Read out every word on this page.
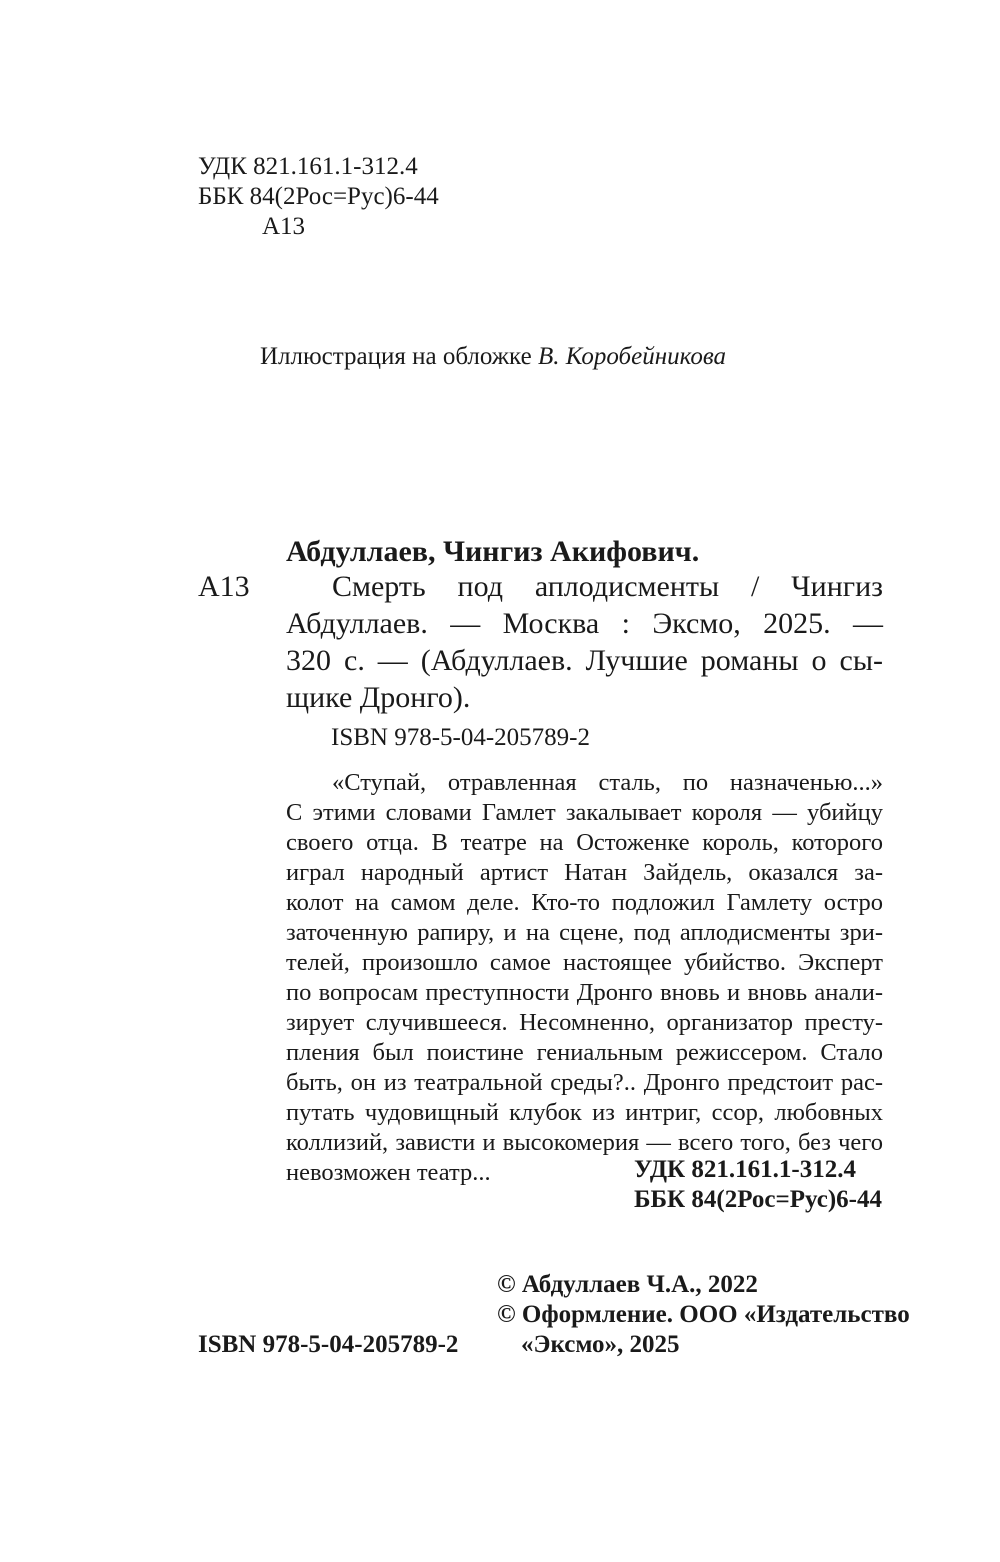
УДК 821.161.1-312.4
ББК 84(2Рос=Рус)6-44
А13
Иллюстрация на обложке В. Коробейникова
Абдуллаев, Чингиз Акифович.
А13	Смерть под аплодисменты / Чингиз
Абдуллаев. — Москва : Эксмо, 2025. —
320 с. — (Абдуллаев. Лучшие романы о сы-
щике Дронго).
ISBN 978-5-04-205789-2
«Ступай, отравленная сталь, по назначенью...»
С этими словами Гамлет закалывает короля — убийцу
своего отца. В театре на Остоженке король, которого
играл народный артист Натан Зайдель, оказался за-
колот на самом деле. Кто-то подложил Гамлету остро
заточенную рапиру, и на сцене, под аплодисменты зри-
телей, произошло самое настоящее убийство. Эксперт
по вопросам преступности Дронго вновь и вновь анали-
зирует случившееся. Несомненно, организатор престу-
пления был поистине гениальным режиссером. Стало
быть, он из театральной среды?.. Дронго предстоит рас-
путать чудовищный клубок из интриг, ссор, любовных
коллизий, зависти и высокомерия — всего того, без чего
невозможен театр...	УДК 821.161.1-312.4
ББК 84(2Рос=Рус)6-44
© Абдуллаев Ч.А., 2022
© Оформление. ООО «Издательство
ISBN 978-5-04-205789-2	«Эксмо», 2025
